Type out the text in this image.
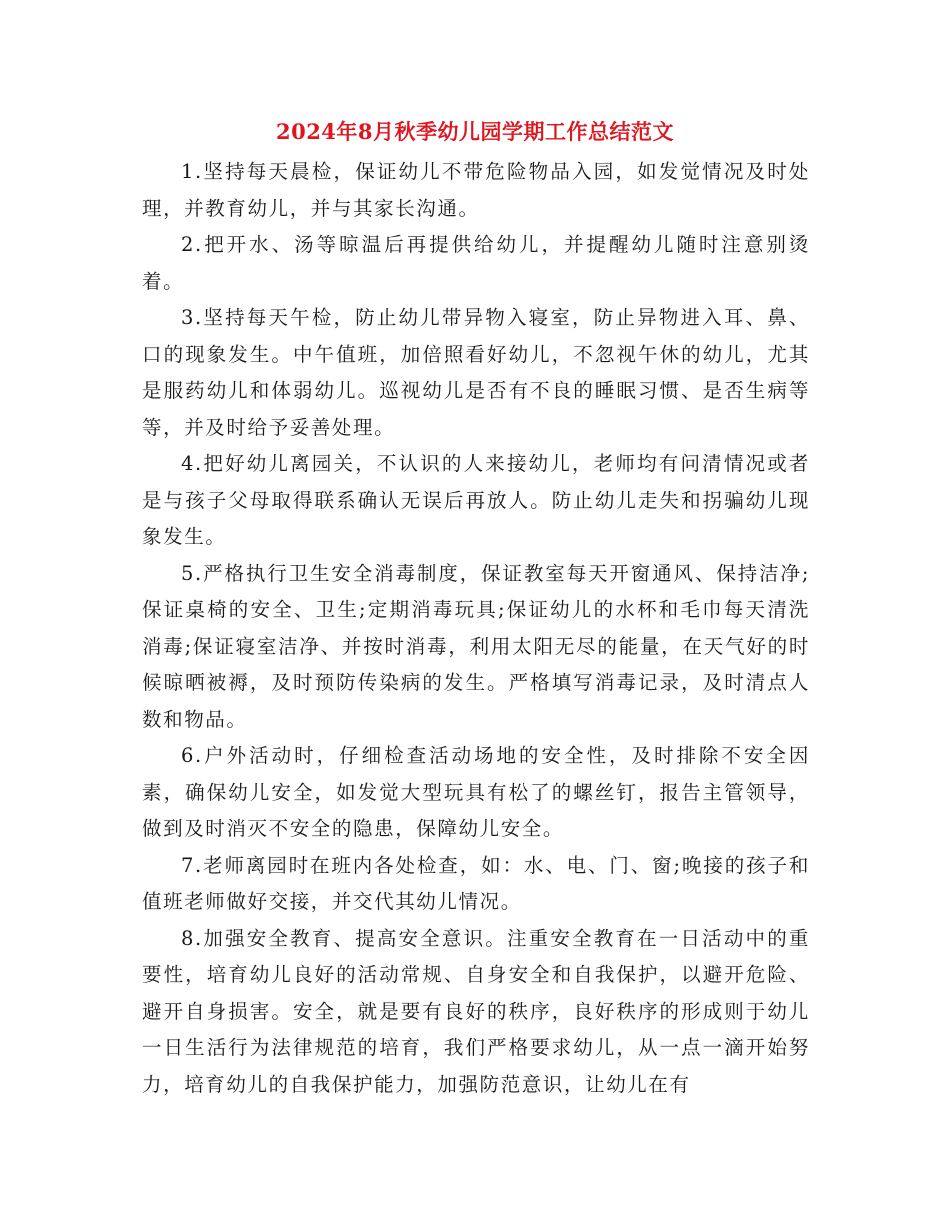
2024年8月秋季幼儿园学期工作总结范文

1.坚持每天晨检，保证幼儿不带危险物品入园，如发觉情况及时处理，并教育幼儿，并与其家长沟通。

2.把开水、汤等晾温后再提供给幼儿，并提醒幼儿随时注意别烫着。

3.坚持每天午检，防止幼儿带异物入寝室，防止异物进入耳、鼻、口的现象发生。中午值班，加倍照看好幼儿，不忽视午休的幼儿，尤其是服药幼儿和体弱幼儿。巡视幼儿是否有不良的睡眠习惯、是否生病等等，并及时给予妥善处理。

4.把好幼儿离园关，不认识的人来接幼儿，老师均有问清情况或者是与孩子父母取得联系确认无误后再放人。防止幼儿走失和拐骗幼儿现象发生。

5.严格执行卫生安全消毒制度，保证教室每天开窗通风、保持洁净;保证桌椅的安全、卫生;定期消毒玩具;保证幼儿的水杯和毛巾每天清洗消毒;保证寝室洁净、并按时消毒，利用太阳无尽的能量，在天气好的时候晾晒被褥，及时预防传染病的发生。严格填写消毒记录，及时清点人数和物品。

6.户外活动时，仔细检查活动场地的安全性，及时排除不安全因素，确保幼儿安全，如发觉大型玩具有松了的螺丝钉，报告主管领导，做到及时消灭不安全的隐患，保障幼儿安全。

7.老师离园时在班内各处检查，如：水、电、门、窗;晚接的孩子和值班老师做好交接，并交代其幼儿情况。

8.加强安全教育、提高安全意识。注重安全教育在一日活动中的重要性，培育幼儿良好的活动常规、自身安全和自我保护，以避开危险、避开自身损害。安全，就是要有良好的秩序，良好秩序的形成则于幼儿一日生活行为法律规范的培育，我们严格要求幼儿，从一点一滴开始努力，培育幼儿的自我保护能力，加强防范意识，让幼儿在有
